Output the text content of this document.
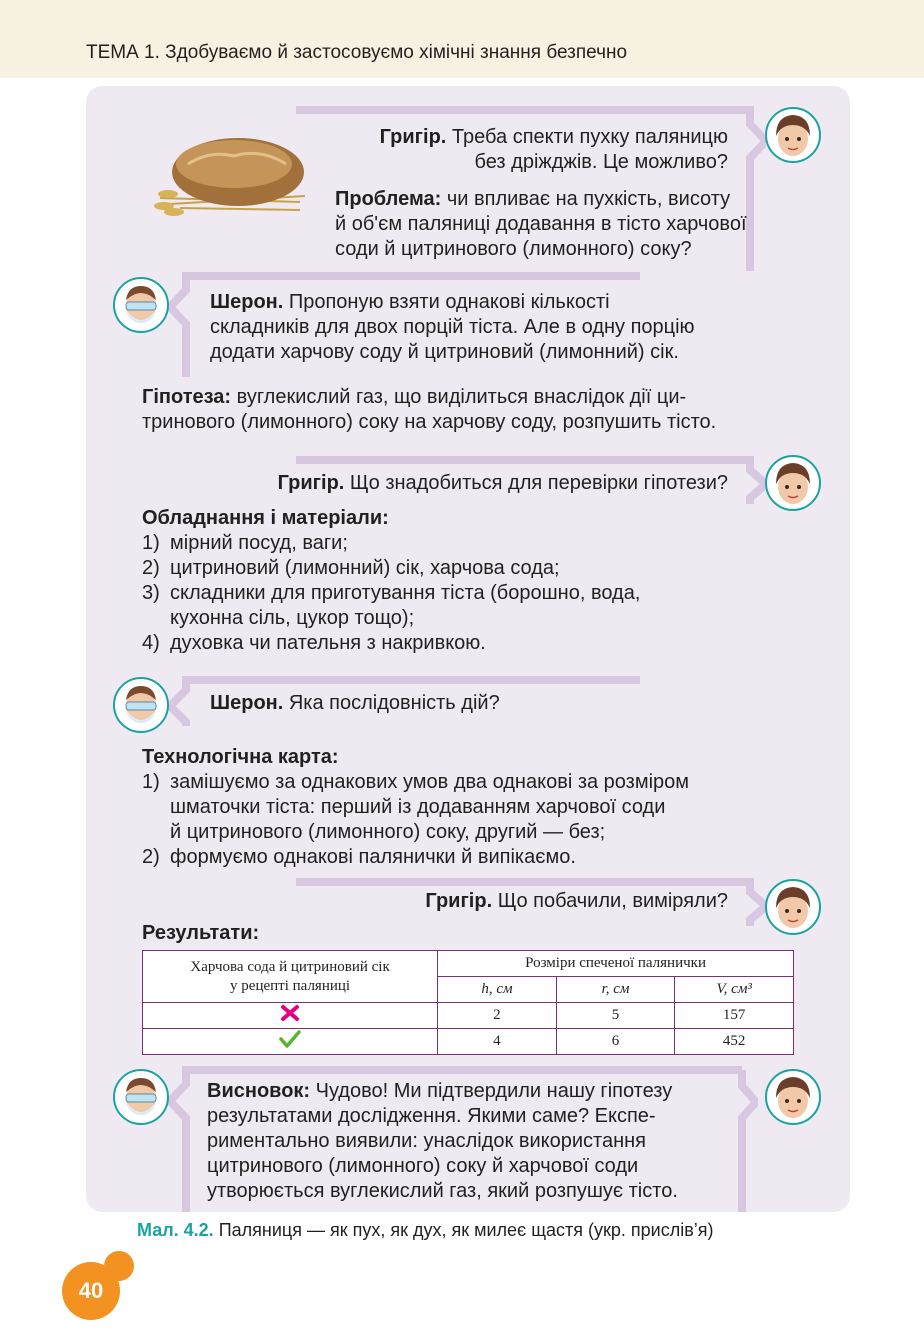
ТЕМА 1. Здобуваємо й застосовуємо хімічні знання безпечно
Григір. Треба спекти пухку паляницю
без дріжджів. Це можливо?
Проблема: чи впливає на пухкість, висоту
й об'єм паляниці додавання в тісто харчової
соди й цитринового (лимонного) соку?
Шерон. Пропоную взяти однакові кількості
складників для двох порцій тіста. Але в одну порцію
додати харчову соду й цитриновий (лимонний) сік.
Гіпотеза: вуглекислий газ, що виділиться внаслідок дії ци-
тринового (лимонного) соку на харчову соду, розпушить тісто.
Григір. Що знадобиться для перевірки гіпотези?
Обладнання і матеріали:
1) мірний посуд, ваги;
2) цитриновий (лимонний) сік, харчова сода;
3) складники для приготування тіста (борошно, вода,
кухонна сіль, цукор тощо);
4) духовка чи пательня з накривкою.
Шерон. Яка послідовність дій?
Технологічна карта:
1) замішуємо за однакових умов два однакові за розміром
шматочки тіста: перший із додаванням харчової соди
й цитринового (лимонного) соку, другий — без;
2) формуємо однакові палянички й випікаємо.
Григір. Що побачили, виміряли?
Результати:
Харчова сода й цитриновий сік
у рецепті паляниці	Розміри спеченої палянички		
	h, см	r, см	V, см³
	2	5	157
	4	6	452
Висновок: Чудово! Ми підтвердили нашу гіпотезу
результатами дослідження. Якими саме? Експе-
риментально виявили: унаслідок використання
цитринового (лимонного) соку й харчової соди
утворюється вуглекислий газ, який розпушує тісто.
Мал. 4.2. Паляниця — як пух, як дух, як милеє щастя (укр. прислів’я)
40
